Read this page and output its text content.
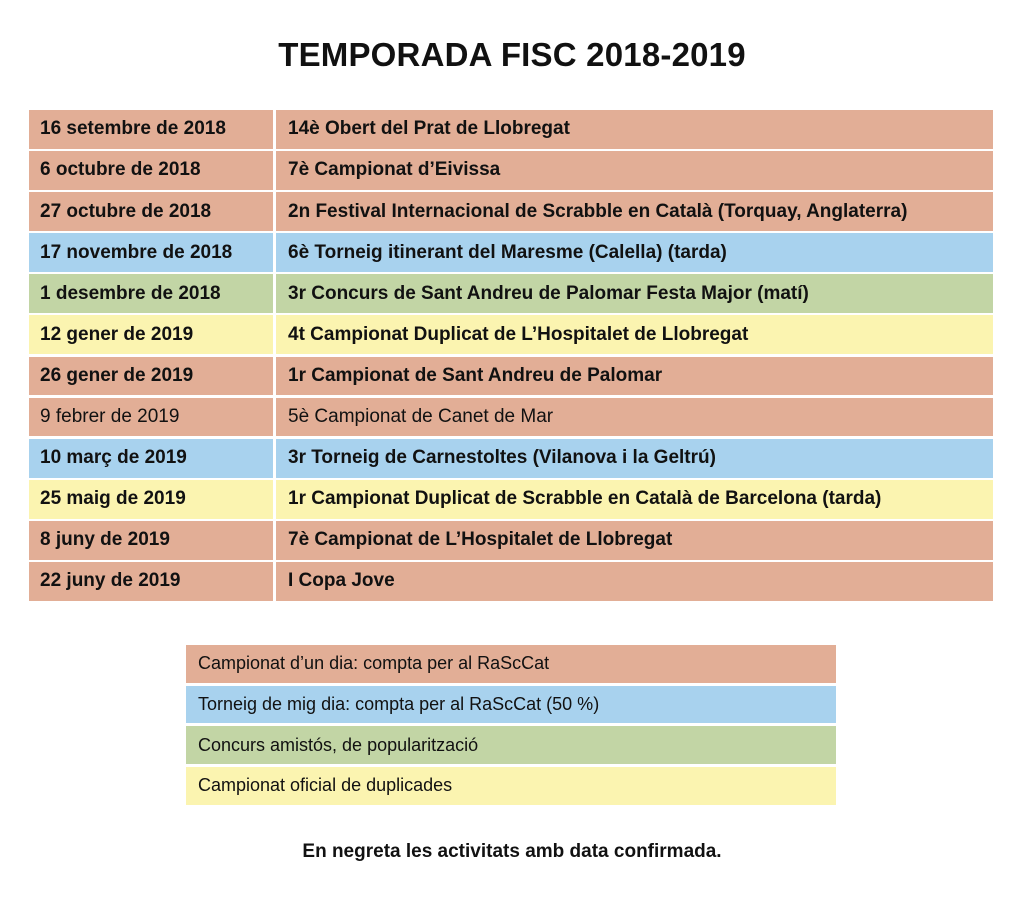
TEMPORADA FISC 2018-2019
16 setembre de 2018	14è Obert del Prat de Llobregat
6 octubre de 2018	7è Campionat d’Eivissa
27 octubre de 2018	2n Festival Internacional de Scrabble en Català (Torquay, Anglaterra)
17 novembre de 2018	6è Torneig itinerant del Maresme (Calella) (tarda)
1 desembre de 2018	3r Concurs de Sant Andreu de Palomar Festa Major (matí)
12 gener de 2019	4t Campionat Duplicat de L’Hospitalet de Llobregat
26 gener de 2019	1r Campionat de Sant Andreu de Palomar
9 febrer de 2019	5è Campionat de Canet de Mar
10 març de 2019	3r Torneig de Carnestoltes (Vilanova i la Geltrú)
25 maig de 2019	1r Campionat Duplicat de Scrabble en Català de Barcelona (tarda)
8 juny de 2019	7è Campionat de L’Hospitalet de Llobregat
22 juny de 2019	I Copa Jove
Campionat d’un dia: compta per al RaScCat
Torneig de mig dia: compta per al RaScCat (50 %)
Concurs amistós, de popularització
Campionat oficial de duplicades
En negreta les activitats amb data confirmada.
